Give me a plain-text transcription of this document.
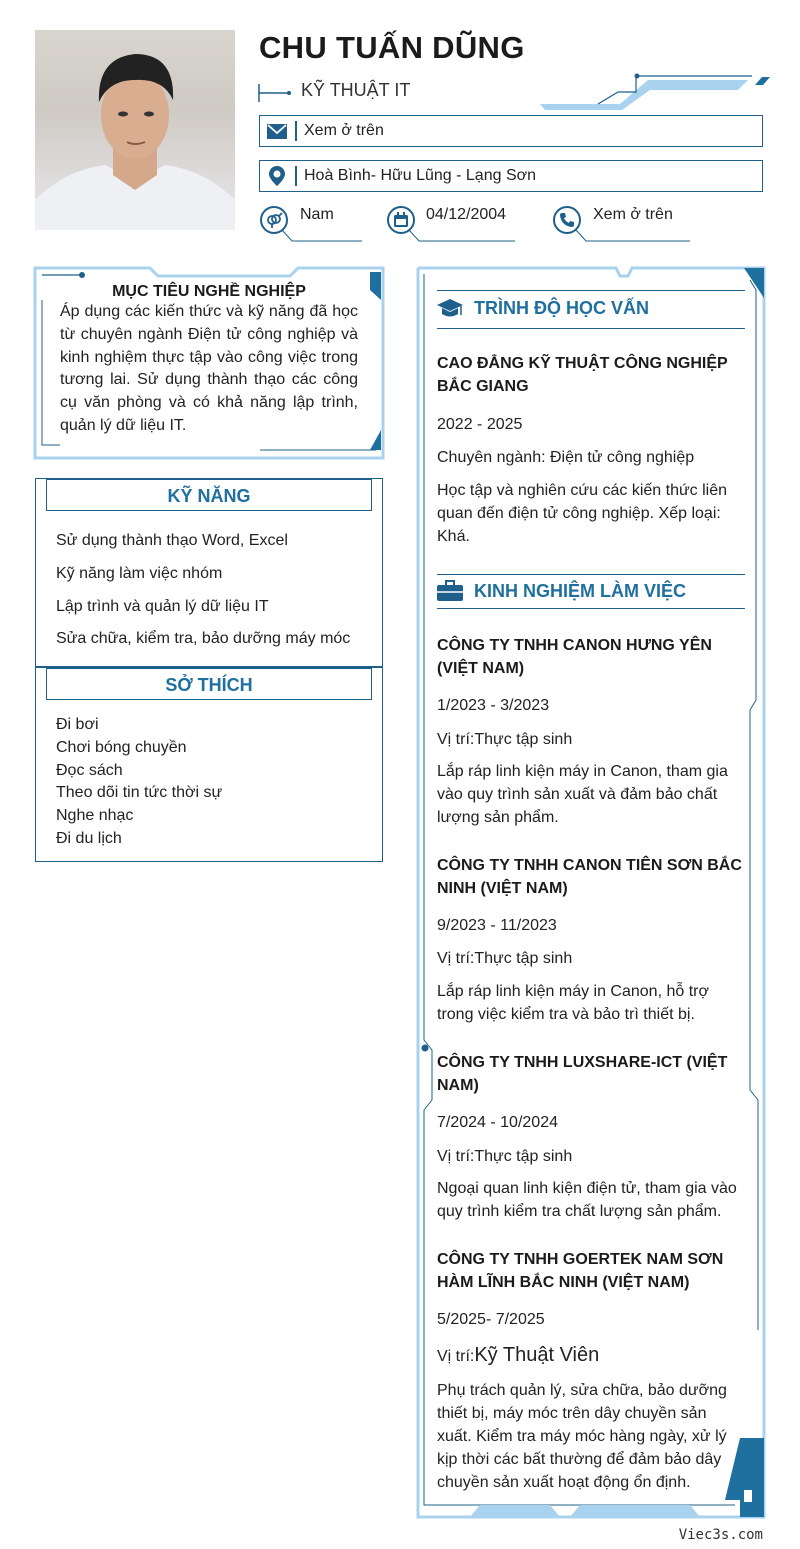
CHU TUẤN DŨNG
KỸ THUẬT IT
Xem ở trên
Hoà Bình- Hữu Lũng - Lạng Sơn
Nam	04/12/2004	Xem ở trên
MỤC TIÊU NGHỀ NGHIỆP
Áp dụng các kiến thức và kỹ năng đã học từ chuyên ngành Điện tử công nghiệp và kinh nghiệm thực tập vào công việc trong tương lai. Sử dụng thành thạo các công cụ văn phòng và có khả năng lập trình, quản lý dữ liệu IT.
KỸ NĂNG
Sử dụng thành thạo Word, Excel
Kỹ năng làm việc nhóm
Lập trình và quản lý dữ liệu IT
Sửa chữa, kiểm tra, bảo dưỡng máy móc
SỞ THÍCH
Đi bơi
Chơi bóng chuyền
Đọc sách
Theo dõi tin tức thời sự
Nghe nhạc
Đi du lịch
TRÌNH ĐỘ HỌC VẤN
CAO ĐẲNG KỸ THUẬT CÔNG NGHIỆP BẮC GIANG
2022 - 2025
Chuyên ngành: Điện tử công nghiệp
Học tập và nghiên cứu các kiến thức liên quan đến điện tử công nghiệp. Xếp loại: Khá.
KINH NGHIỆM LÀM VIỆC
CÔNG TY TNHH CANON HƯNG YÊN (VIỆT NAM)
1/2023 - 3/2023
Vị trí:Thực tập sinh
Lắp ráp linh kiện máy in Canon, tham gia vào quy trình sản xuất và đảm bảo chất lượng sản phẩm.
CÔNG TY TNHH CANON TIÊN SƠN BẮC NINH (VIỆT NAM)
9/2023 - 11/2023
Vị trí:Thực tập sinh
Lắp ráp linh kiện máy in Canon, hỗ trợ trong việc kiểm tra và bảo trì thiết bị.
CÔNG TY TNHH LUXSHARE-ICT (VIỆT NAM)
7/2024 - 10/2024
Vị trí:Thực tập sinh
Ngoại quan linh kiện điện tử, tham gia vào quy trình kiểm tra chất lượng sản phẩm.
CÔNG TY TNHH GOERTEK NAM SƠN HÀM LĨNH BẮC NINH (VIỆT NAM)
5/2025- 7/2025
Vị trí:Kỹ Thuật Viên
Phụ trách quản lý, sửa chữa, bảo dưỡng thiết bị, máy móc trên dây chuyền sản xuất. Kiểm tra máy móc hàng ngày, xử lý kịp thời các bất thường để đảm bảo dây chuyền sản xuất hoạt động ổn định.
Viec3s.com
